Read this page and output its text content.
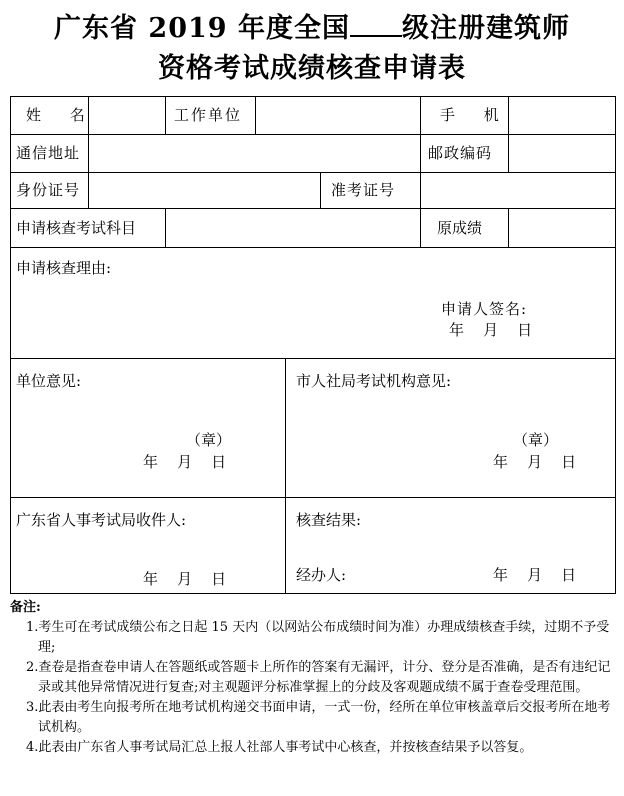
广东省 2019 年度全国 级注册建筑师
资格考试成绩核查申请表
姓 名	工作单位	手 机
通信地址	邮政编码
身份证号	准考证号
申请核查考试科目	原成绩
申请核查理由:
申请人签名:
年    月    日
单位意见:
（章）
年    月    日
市人社局考试机构意见:
（章）
年    月    日
广东省人事考试局收件人:
年    月    日
核查结果:
经办人:	年    月    日
备注:
1.考生可在考试成绩公布之日起 15 天内（以网站公布成绩时间为准）办理成绩核查手续，过期不予受理;
2.查卷是指查卷申请人在答题纸或答题卡上所作的答案有无漏评，计分、登分是否准确，是否有违纪记录或其他异常情况进行复查;对主观题评分标准掌握上的分歧及客观题成绩不属于查卷受理范围。
3.此表由考生向报考所在地考试机构递交书面申请，一式一份，经所在单位审核盖章后交报考所在地考试机构。
4.此表由广东省人事考试局汇总上报人社部人事考试中心核查，并按核查结果予以答复。
